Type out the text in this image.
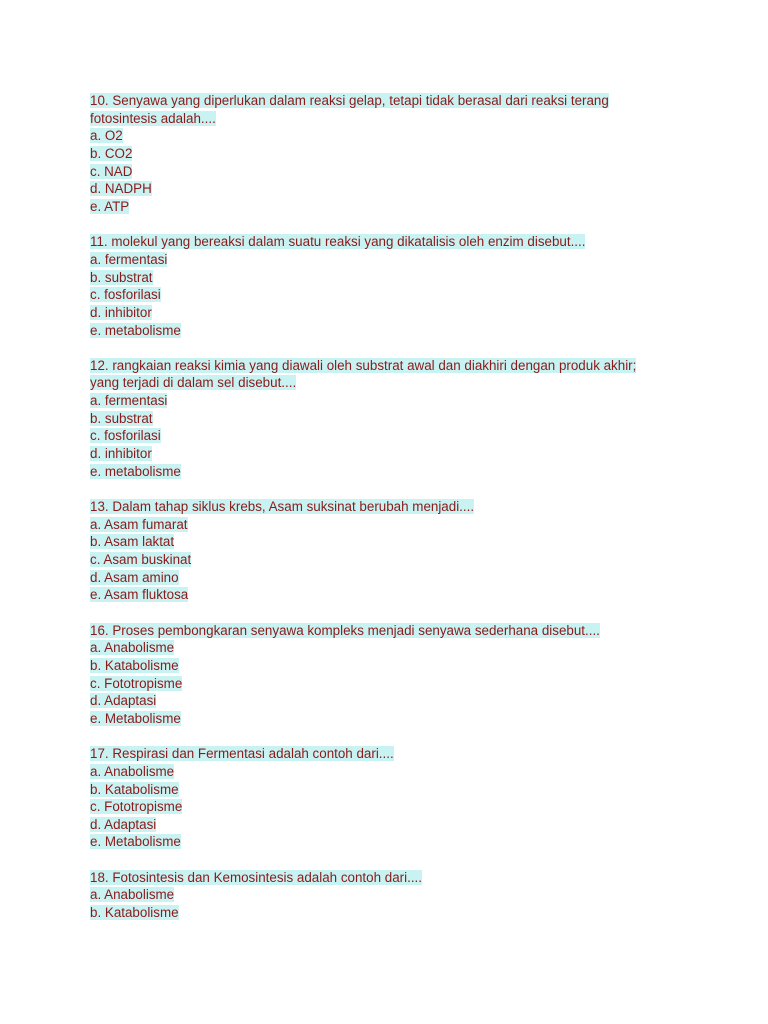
10. Senyawa yang diperlukan dalam reaksi gelap, tetapi tidak berasal dari reaksi terang
fotosintesis adalah....
a. O2
b. CO2
c. NAD
d. NADPH
e. ATP
11. molekul yang bereaksi dalam suatu reaksi yang dikatalisis oleh enzim disebut....
a. fermentasi
b. substrat
c. fosforilasi
d. inhibitor
e. metabolisme
12. rangkaian reaksi kimia yang diawali oleh substrat awal dan diakhiri dengan produk akhir;
yang terjadi di dalam sel disebut....
a. fermentasi
b. substrat
c. fosforilasi
d. inhibitor
e. metabolisme
13. Dalam tahap siklus krebs, Asam suksinat berubah menjadi....
a. Asam fumarat
b. Asam laktat
c. Asam buskinat
d. Asam amino
e. Asam fluktosa
16. Proses pembongkaran senyawa kompleks menjadi senyawa sederhana disebut....
a. Anabolisme
b. Katabolisme
c. Fototropisme
d. Adaptasi
e. Metabolisme
17. Respirasi dan Fermentasi adalah contoh dari....
a. Anabolisme
b. Katabolisme
c. Fototropisme
d. Adaptasi
e. Metabolisme
18. Fotosintesis dan Kemosintesis adalah contoh dari....
a. Anabolisme
b. Katabolisme
